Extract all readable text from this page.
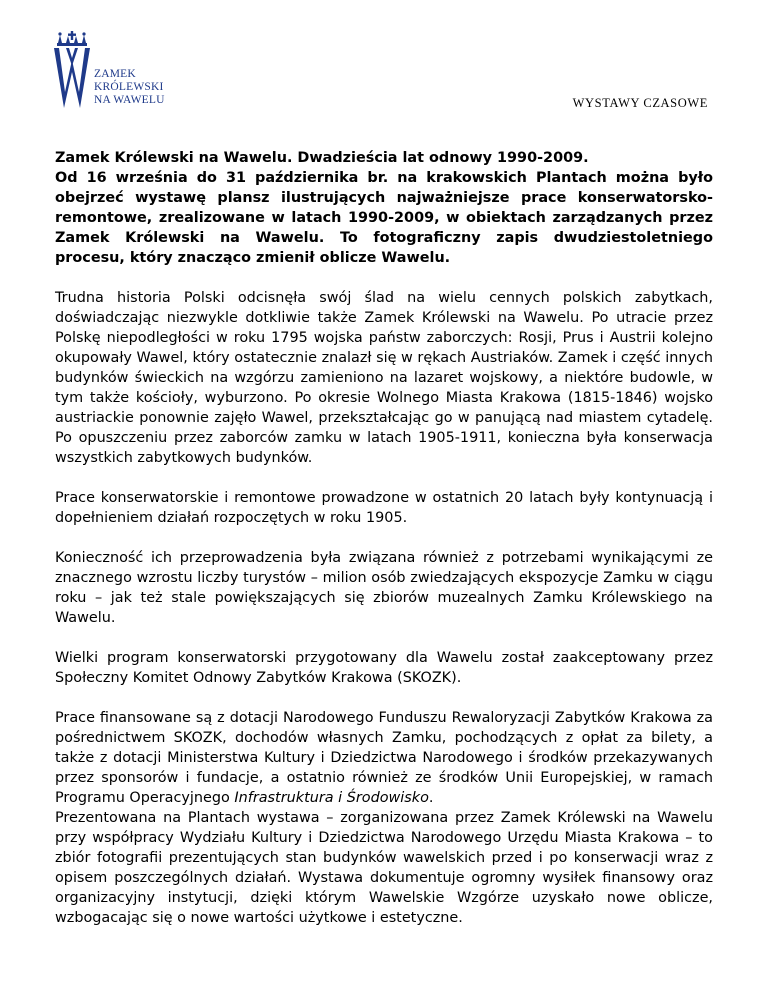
ZAMEK
KRÓLEWSKI
NA WAWELU	WYSTAWY CZASOWE

Zamek Królewski na Wawelu. Dwadzieścia lat odnowy 1990-2009.

Od 16 września do 31 października br. na krakowskich Plantach można było obejrzeć wystawę plansz ilustrujących najważniejsze prace konserwatorsko-remontowe, zrealizowane w latach 1990-2009, w obiektach zarządzanych przez Zamek Królewski na Wawelu. To fotograficzny zapis dwudziestoletniego procesu, który znacząco zmienił oblicze Wawelu.

Trudna historia Polski odcisnęła swój ślad na wielu cennych polskich zabytkach, doświadczając niezwykle dotkliwie także Zamek Królewski na Wawelu. Po utracie przez Polskę niepodległości w roku 1795 wojska państw zaborczych: Rosji, Prus i Austrii kolejno okupowały Wawel, który ostatecznie znalazł się w rękach Austriaków. Zamek i część innych budynków świeckich na wzgórzu zamieniono na lazaret wojskowy, a niektóre budowle, w tym także kościoły, wyburzono. Po okresie Wolnego Miasta Krakowa (1815-1846) wojsko austriackie ponownie zajęło Wawel, przekształcając go w panującą nad miastem cytadelę. Po opuszczeniu przez zaborców zamku w latach 1905-1911, konieczna była konserwacja wszystkich zabytkowych budynków.

Prace konserwatorskie i remontowe prowadzone w ostatnich 20 latach były kontynuacją i dopełnieniem działań rozpoczętych w roku 1905.

Konieczność ich przeprowadzenia była związana również z potrzebami wynikającymi ze znacznego wzrostu liczby turystów – milion osób zwiedzających ekspozycje Zamku w ciągu roku – jak też stale powiększających się zbiorów muzealnych Zamku Królewskiego na Wawelu.

Wielki program konserwatorski przygotowany dla Wawelu został zaakceptowany przez Społeczny Komitet Odnowy Zabytków Krakowa (SKOZK).

Prace finansowane są z dotacji Narodowego Funduszu Rewaloryzacji Zabytków Krakowa za pośrednictwem SKOZK, dochodów własnych Zamku, pochodzących z opłat za bilety, a także z dotacji Ministerstwa Kultury i Dziedzictwa Narodowego i środków przekazywanych przez sponsorów i fundacje, a ostatnio również ze środków Unii Europejskiej, w ramach Programu Operacyjnego Infrastruktura i Środowisko.

Prezentowana na Plantach wystawa – zorganizowana przez Zamek Królewski na Wawelu przy współpracy Wydziału Kultury i Dziedzictwa Narodowego Urzędu Miasta Krakowa – to zbiór fotografii prezentujących stan budynków wawelskich przed i po konserwacji wraz z opisem poszczególnych działań. Wystawa dokumentuje ogromny wysiłek finansowy oraz organizacyjny instytucji, dzięki którym Wawelskie Wzgórze uzyskało nowe oblicze, wzbogacając się o nowe wartości użytkowe i estetyczne.
